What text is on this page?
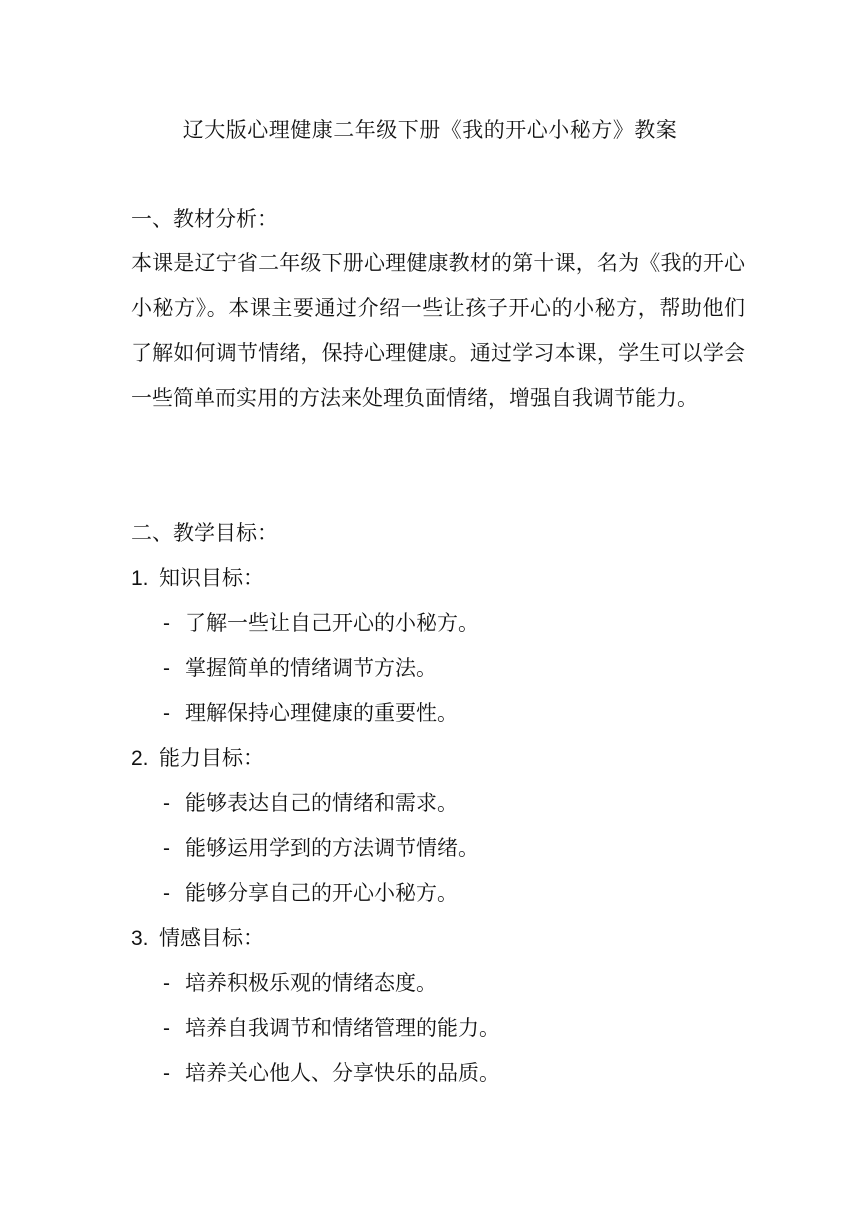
辽大版心理健康二年级下册《我的开心小秘方》教案
一、教材分析：
本课是辽宁省二年级下册心理健康教材的第十课，名为《我的开心小秘方》。本课主要通过介绍一些让孩子开心的小秘方，帮助他们了解如何调节情绪，保持心理健康。通过学习本课，学生可以学会一些简单而实用的方法来处理负面情绪，增强自我调节能力。
二、教学目标：
1. 知识目标：
- 了解一些让自己开心的小秘方。
- 掌握简单的情绪调节方法。
- 理解保持心理健康的重要性。
2. 能力目标：
- 能够表达自己的情绪和需求。
- 能够运用学到的方法调节情绪。
- 能够分享自己的开心小秘方。
3. 情感目标：
- 培养积极乐观的情绪态度。
- 培养自我调节和情绪管理的能力。
- 培养关心他人、分享快乐的品质。
